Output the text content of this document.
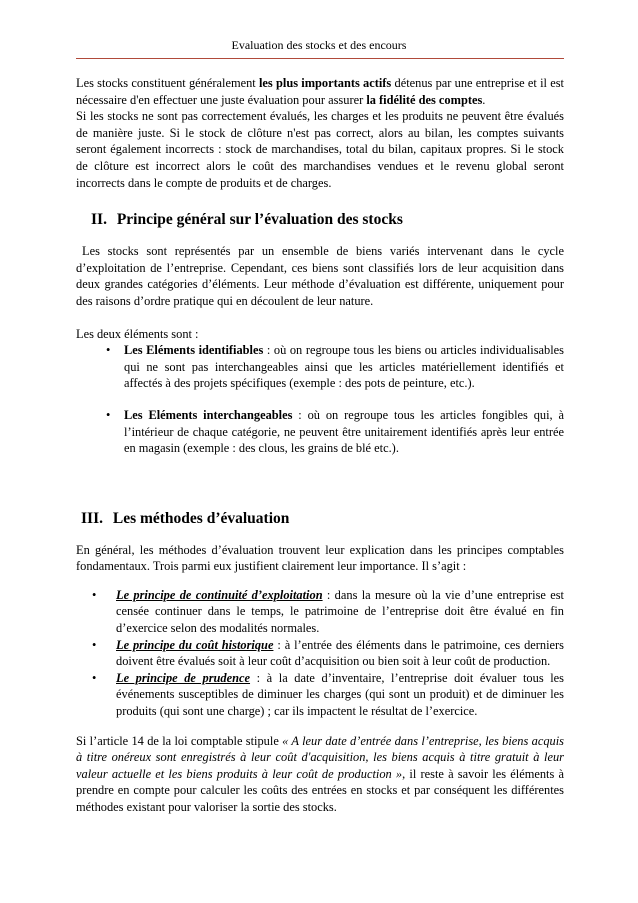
Evaluation des stocks et des encours

Les stocks constituent généralement les plus importants actifs détenus par une entreprise et il est nécessaire d'en effectuer une juste évaluation pour assurer la fidélité des comptes.

Si les stocks ne sont pas correctement évalués, les charges et les produits ne peuvent être évalués de manière juste. Si le stock de clôture n'est pas correct, alors au bilan, les comptes suivants seront également incorrects : stock de marchandises, total du bilan, capitaux propres. Si le stock de clôture est incorrect alors le coût des marchandises vendues et le revenu global seront incorrects dans le compte de produits et de charges.

II. Principe général sur l’évaluation des stocks

Les stocks sont représentés par un ensemble de biens variés intervenant dans le cycle d’exploitation de l’entreprise. Cependant, ces biens sont classifiés lors de leur acquisition dans deux grandes catégories d’éléments. Leur méthode d’évaluation est différente, uniquement pour des raisons d’ordre pratique qui en découlent de leur nature.

Les deux éléments sont :

• Les Eléments identifiables : où on regroupe tous les biens ou articles individualisables qui ne sont pas interchangeables ainsi que les articles matériellement identifiés et affectés à des projets spécifiques (exemple : des pots de peinture, etc.).
• Les Eléments interchangeables : où on regroupe tous les articles fongibles qui, à l’intérieur de chaque catégorie, ne peuvent être unitairement identifiés après leur entrée en magasin (exemple : des clous, les grains de blé etc.).
III. Les méthodes d’évaluation

En général, les méthodes d’évaluation trouvent leur explication dans les principes comptables fondamentaux. Trois parmi eux justifient clairement leur importance. Il s’agit :

• Le principe de continuité d’exploitation : dans la mesure où la vie d’une entreprise est censée continuer dans le temps, le patrimoine de l’entreprise doit être évalué en fin d’exercice selon des modalités normales.
• Le principe du coût historique : à l’entrée des éléments dans le patrimoine, ces derniers doivent être évalués soit à leur coût d’acquisition ou bien soit à leur coût de production.
• Le principe de prudence : à la date d’inventaire, l’entreprise doit évaluer tous les événements susceptibles de diminuer les charges (qui sont un produit) et de diminuer les produits (qui sont une charge) ; car ils impactent le résultat de l’exercice.

Si l’article 14 de la loi comptable stipule « A leur date d’entrée dans l’entreprise, les biens acquis à titre onéreux sont enregistrés à leur coût d'acquisition, les biens acquis à titre gratuit à leur valeur actuelle et les biens produits à leur coût de production », il reste à savoir les éléments à prendre en compte pour calculer les coûts des entrées en stocks et par conséquent les différentes méthodes existant pour valoriser la sortie des stocks.
